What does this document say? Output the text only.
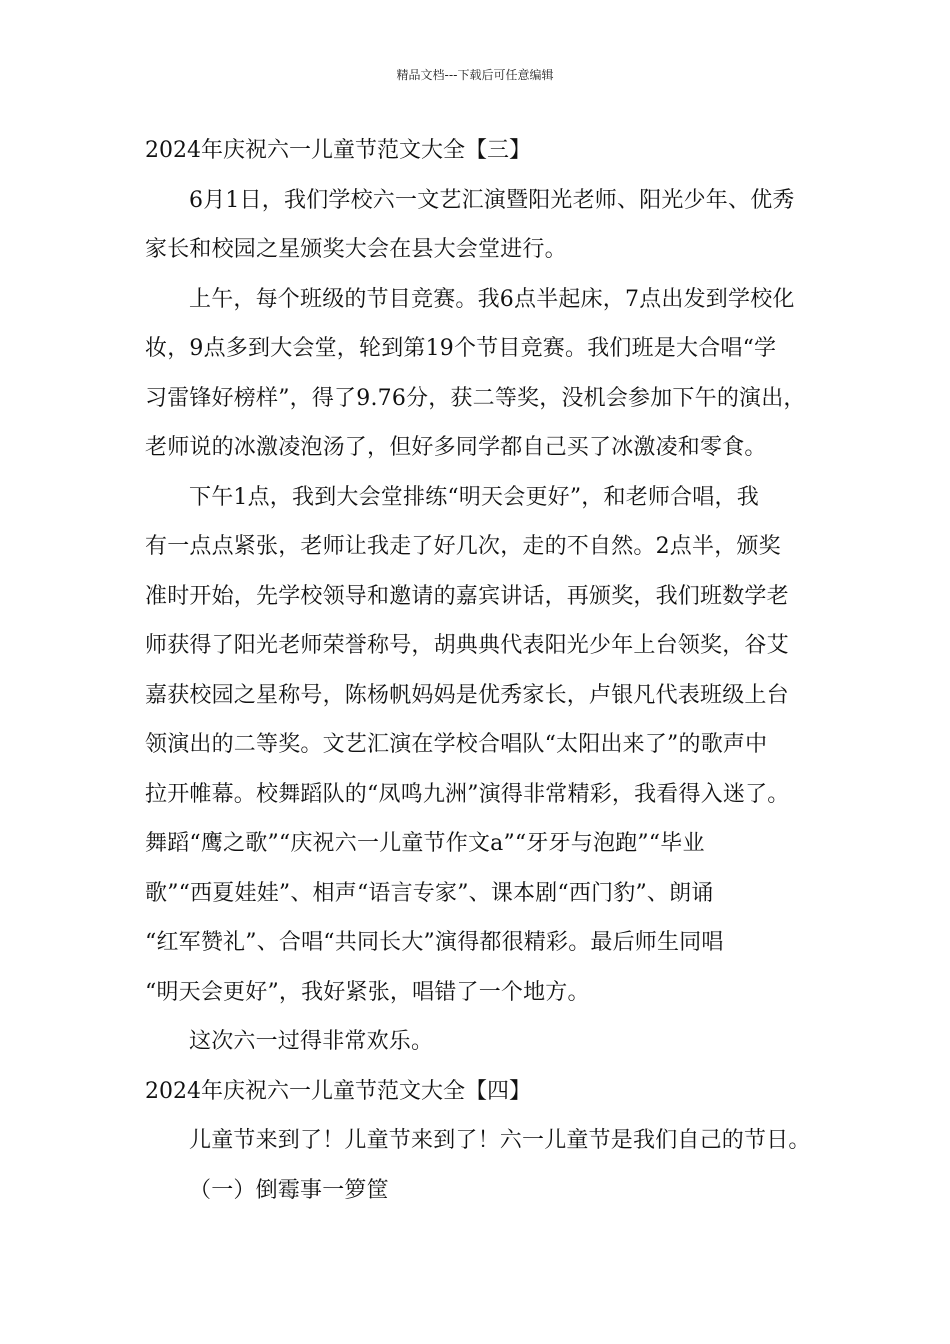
精品文档---下载后可任意编辑
2024年庆祝六一儿童节范文大全【三】
6月1日，我们学校六一文艺汇演暨阳光老师、阳光少年、优秀
家长和校园之星颁奖大会在县大会堂进行。
上午，每个班级的节目竞赛。我6点半起床，7点出发到学校化
妆，9点多到大会堂，轮到第19个节目竞赛。我们班是大合唱“学
习雷锋好榜样”，得了9.76分，获二等奖，没机会参加下午的演出，
老师说的冰激凌泡汤了，但好多同学都自己买了冰激凌和零食。
下午1点，我到大会堂排练“明天会更好”，和老师合唱，我
有一点点紧张，老师让我走了好几次，走的不自然。2点半，颁奖
准时开始，先学校领导和邀请的嘉宾讲话，再颁奖，我们班数学老
师获得了阳光老师荣誉称号，胡典典代表阳光少年上台领奖，谷艾
嘉获校园之星称号，陈杨帆妈妈是优秀家长，卢银凡代表班级上台
领演出的二等奖。文艺汇演在学校合唱队“太阳出来了”的歌声中
拉开帷幕。校舞蹈队的“凤鸣九洲”演得非常精彩，我看得入迷了。
舞蹈“鹰之歌”“庆祝六一儿童节作文a”“牙牙与泡跑”“毕业
歌”“西夏娃娃”、相声“语言专家”、课本剧“西门豹”、朗诵
“红军赞礼”、合唱“共同长大”演得都很精彩。最后师生同唱
“明天会更好”，我好紧张，唱错了一个地方。
这次六一过得非常欢乐。
2024年庆祝六一儿童节范文大全【四】
儿童节来到了！儿童节来到了！六一儿童节是我们自己的节日。
（一）倒霉事一箩筐
